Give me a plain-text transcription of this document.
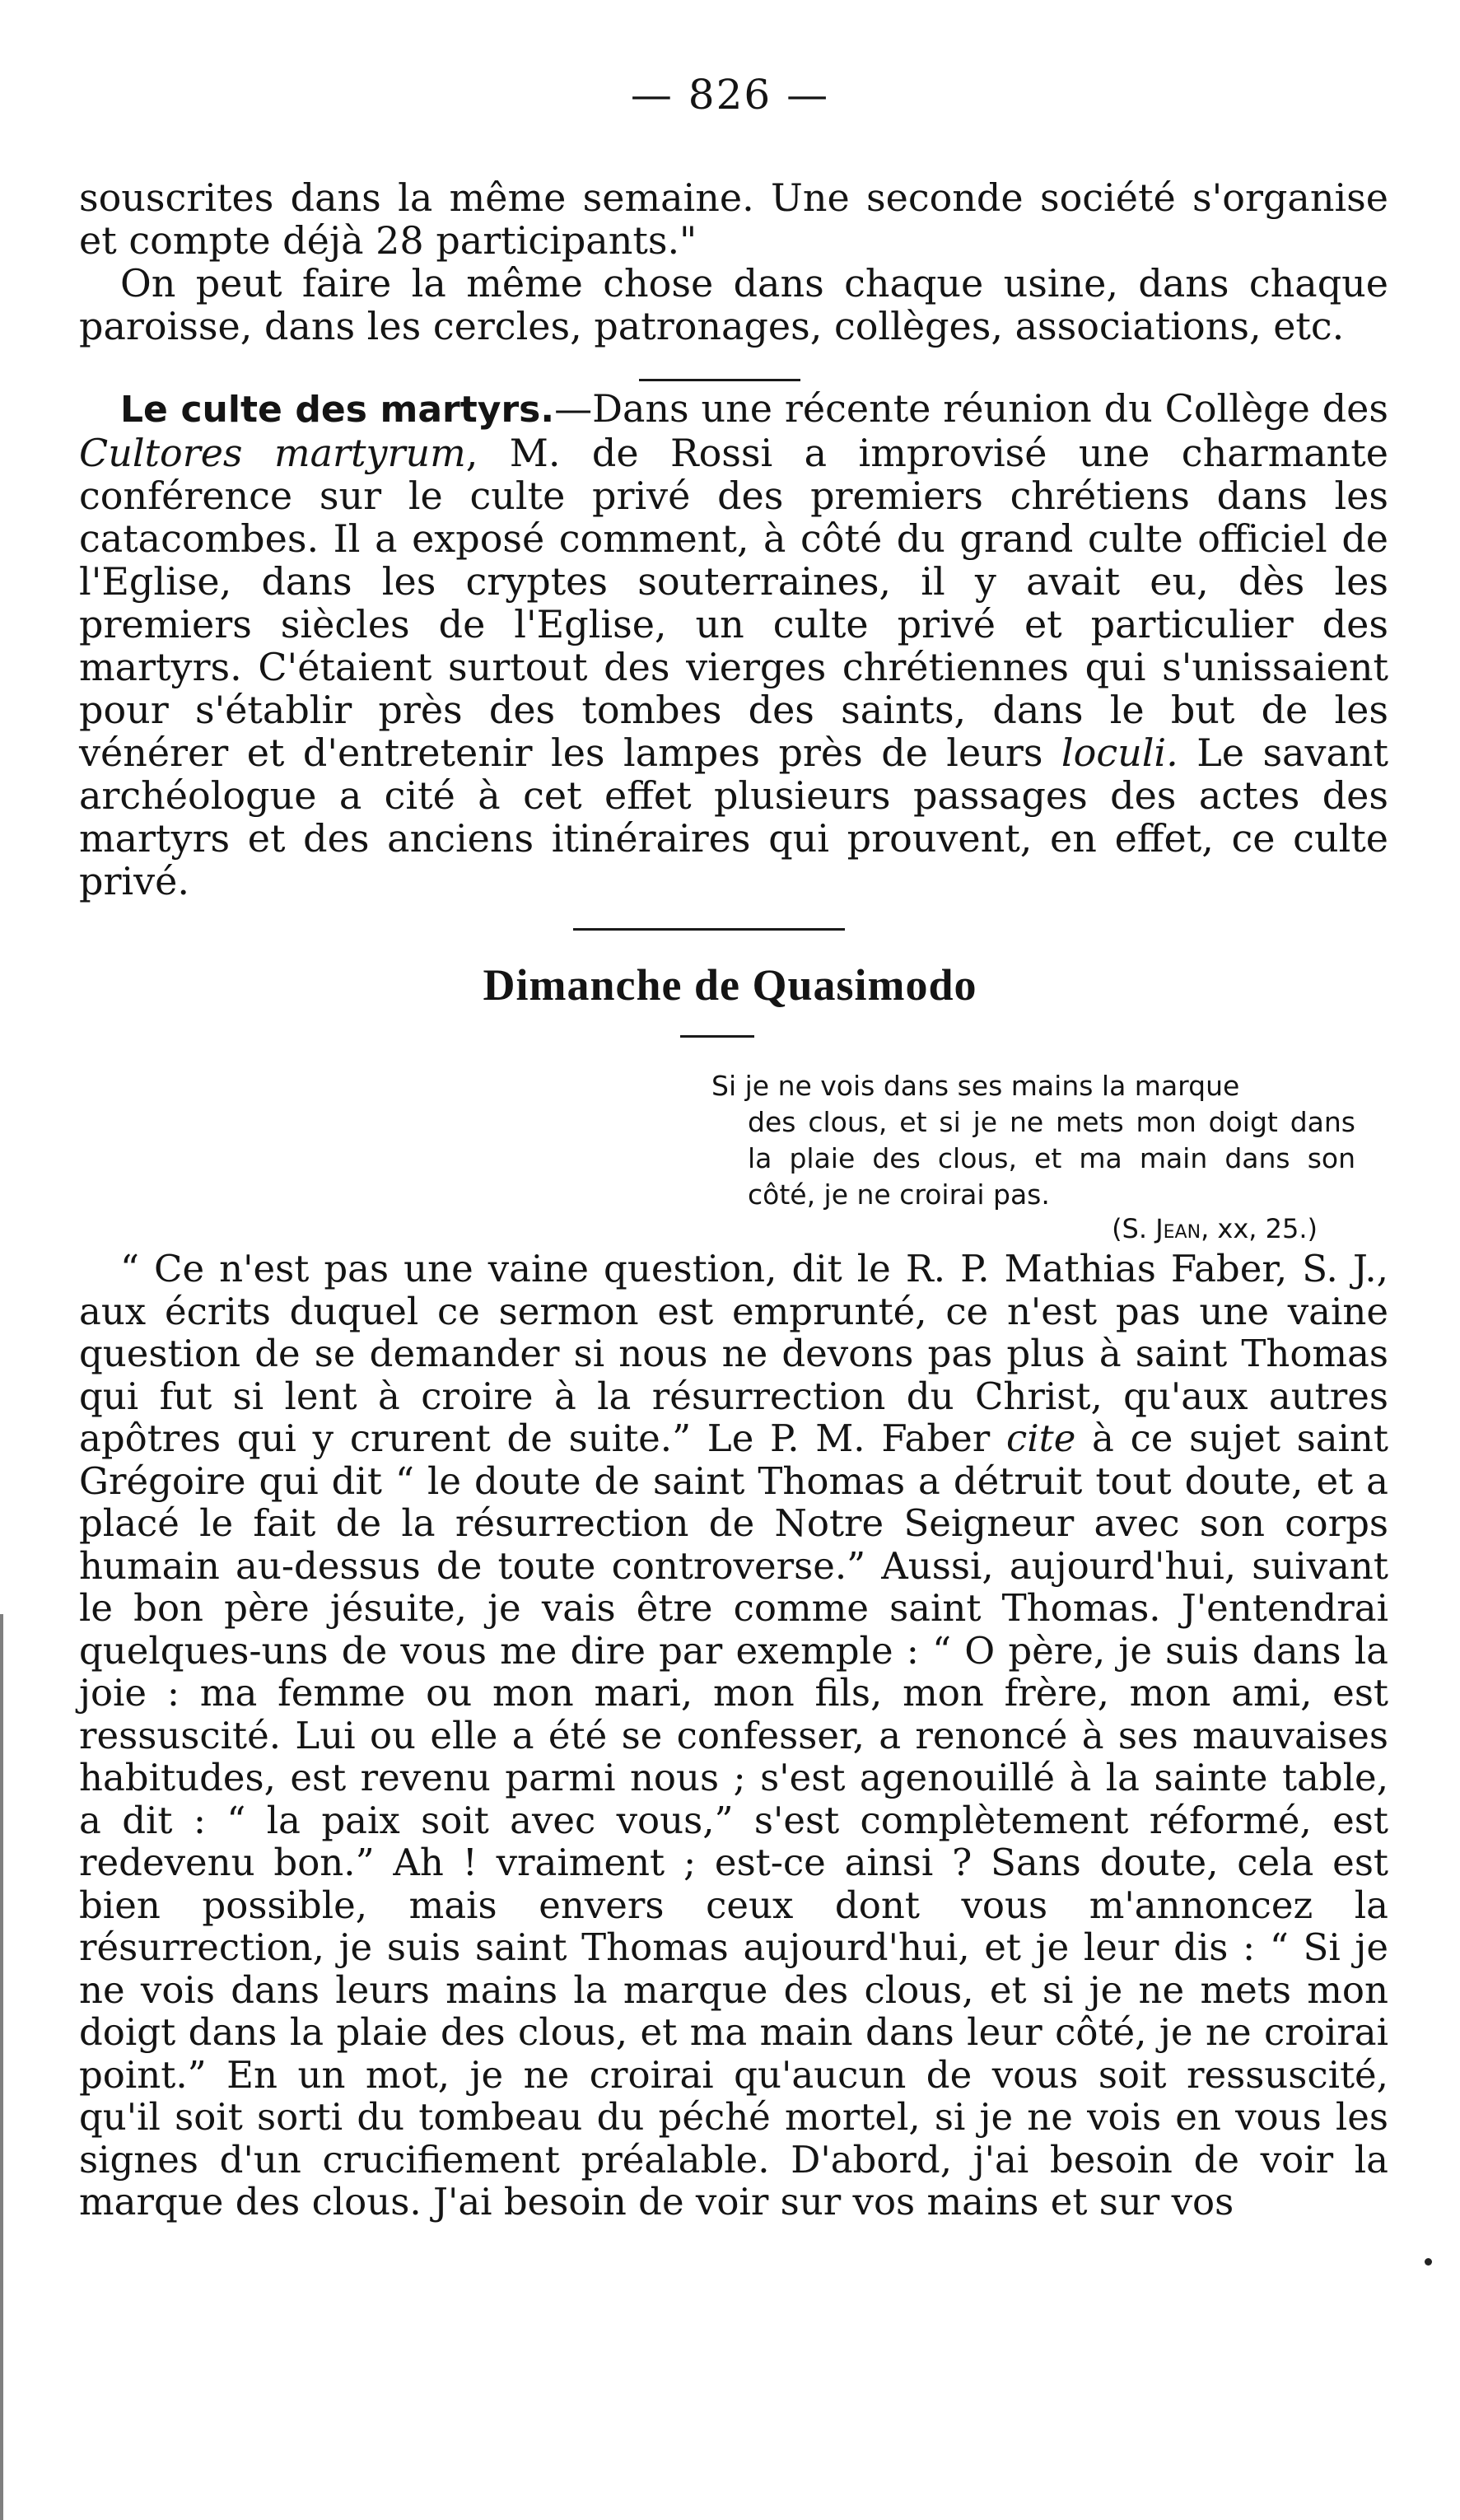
— 826 —

souscrites dans la même semaine. Une seconde société s'organise et compte déjà 28 participants."

On peut faire la même chose dans chaque usine, dans chaque paroisse, dans les cercles, patronages, collèges, associations, etc.

Le culte des martyrs.—Dans une récente réunion du Collège des Cultores martyrum, M. de Rossi a improvisé une charmante conférence sur le culte privé des premiers chrétiens dans les catacombes. Il a exposé comment, à côté du grand culte officiel de l'Eglise, dans les cryptes souterraines, il y avait eu, dès les premiers siècles de l'Eglise, un culte privé et particulier des martyrs. C'étaient surtout des vierges chrétiennes qui s'unissaient pour s'établir près des tombes des saints, dans le but de les vénérer et d'entretenir les lampes près de leurs loculi. Le savant archéologue a cité à cet effet plusieurs passages des actes des martyrs et des anciens itinéraires qui prouvent, en effet, ce culte privé.

Dimanche de Quasimodo
Si je ne vois dans ses mains la marque
des clous, et si je ne mets mon doigt dans la plaie des clous, et ma main dans son côté, je ne croirai pas.
(S. Jean, xx, 25.)

“ Ce n'est pas une vaine question, dit le R. P. Mathias Faber, S. J., aux écrits duquel ce sermon est emprunté, ce n'est pas une vaine question de se demander si nous ne devons pas plus à saint Thomas qui fut si lent à croire à la résurrection du Christ, qu'aux autres apôtres qui y crurent de suite.” Le P. M. Faber cite à ce sujet saint Grégoire qui dit “ le doute de saint Thomas a détruit tout doute, et a placé le fait de la résurrection de Notre Seigneur avec son corps humain au-dessus de toute controverse.” Aussi, aujourd'hui, suivant le bon père jésuite, je vais être comme saint Thomas. J'entendrai quelques-uns de vous me dire par exemple : “ O père, je suis dans la joie : ma femme ou mon mari, mon fils, mon frère, mon ami, est ressuscité. Lui ou elle a été se confesser, a renoncé à ses mauvaises habitudes, est revenu parmi nous ; s'est agenouillé à la sainte table, a dit : “ la paix soit avec vous,” s'est complètement réformé, est redevenu bon.” Ah ! vraiment ; est-ce ainsi ? Sans doute, cela est bien possible, mais envers ceux dont vous m'annoncez la résurrection, je suis saint Thomas aujourd'hui, et je leur dis : “ Si je ne vois dans leurs mains la marque des clous, et si je ne mets mon doigt dans la plaie des clous, et ma main dans leur côté, je ne croirai point.” En un mot, je ne croirai qu'aucun de vous soit ressuscité, qu'il soit sorti du tombeau du péché mortel, si je ne vois en vous les signes d'un crucifiement préalable. D'abord, j'ai besoin de voir la marque des clous. J'ai besoin de voir sur vos mains et sur vos
